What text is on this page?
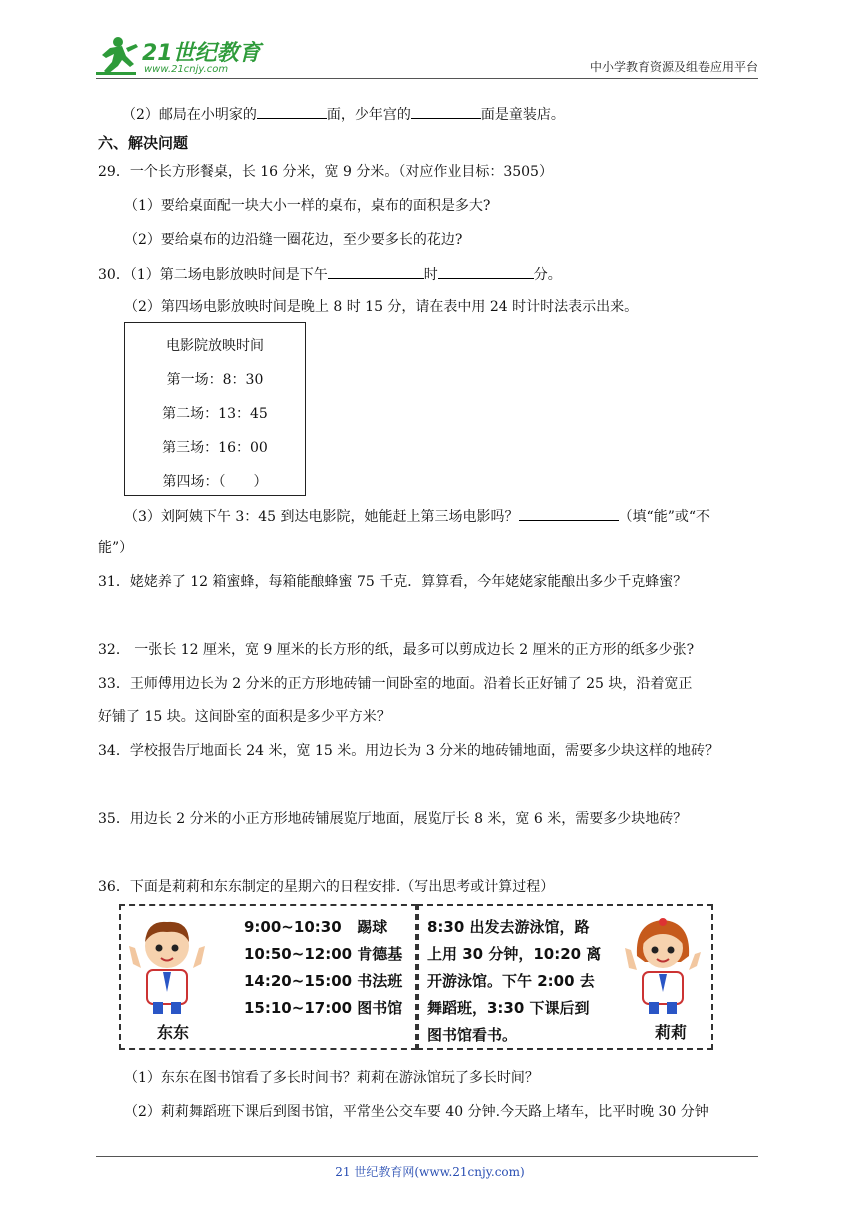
21世纪教育
www.21cnjy.com	中小学教育资源及组卷应用平台
（2）邮局在小明家的	面，少年宫的	面是童装店。
六、解决问题
29．一个长方形餐桌，长 16 分米，宽 9 分米。（对应作业目标：3505）
（1）要给桌面配一块大小一样的桌布，桌布的面积是多大?
（2）要给桌布的边沿缝一圈花边，至少要多长的花边?
30．（1）第二场电影放映时间是下午	时	分。
（2）第四场电影放映时间是晚上 8 时 15 分，请在表中用 24 时计时法表示出来。
电影院放映时间
第一场：8：30
第二场：13：45
第三场：16：00
第四场：（　　）
（3）刘阿姨下午 3：45 到达电影院，她能赶上第三场电影吗？	（填“能”或“不
能”）
31．姥姥养了 12 箱蜜蜂，每箱能酿蜂蜜 75 千克．算算看，今年姥姥家能酿出多少千克蜂蜜？
32． 一张长 12 厘米，宽 9 厘米的长方形的纸，最多可以剪成边长 2 厘米的正方形的纸多少张?
33．王师傅用边长为 2 分米的正方形地砖铺一间卧室的地面。沿着长正好铺了 25 块，沿着宽正
好铺了 15 块。这间卧室的面积是多少平方米？
34．学校报告厅地面长 24 米，宽 15 米。用边长为 3 分米的地砖铺地面，需要多少块这样的地砖？
35．用边长 2 分米的小正方形地砖铺展览厅地面，展览厅长 8 米，宽 6 米，需要多少块地砖？
36．下面是莉莉和东东制定的星期六的日程安排.（写出思考或计算过程）
东东
9:00~10:30 踢球
10:50~12:00 肯德基
14:20~15:00 书法班
15:10~17:00 图书馆
8:30 出发去游泳馆，路
上用 30 分钟，10:20 离
开游泳馆。下午 2:00 去
舞蹈班，3:30 下课后到
图书馆看书。	莉莉
（1）东东在图书馆看了多长时间书？莉莉在游泳馆玩了多长时间？
（2）莉莉舞蹈班下课后到图书馆，平常坐公交车要 40 分钟.今天路上堵车，比平时晚 30 分钟
21 世纪教育网(www.21cnjy.com)
